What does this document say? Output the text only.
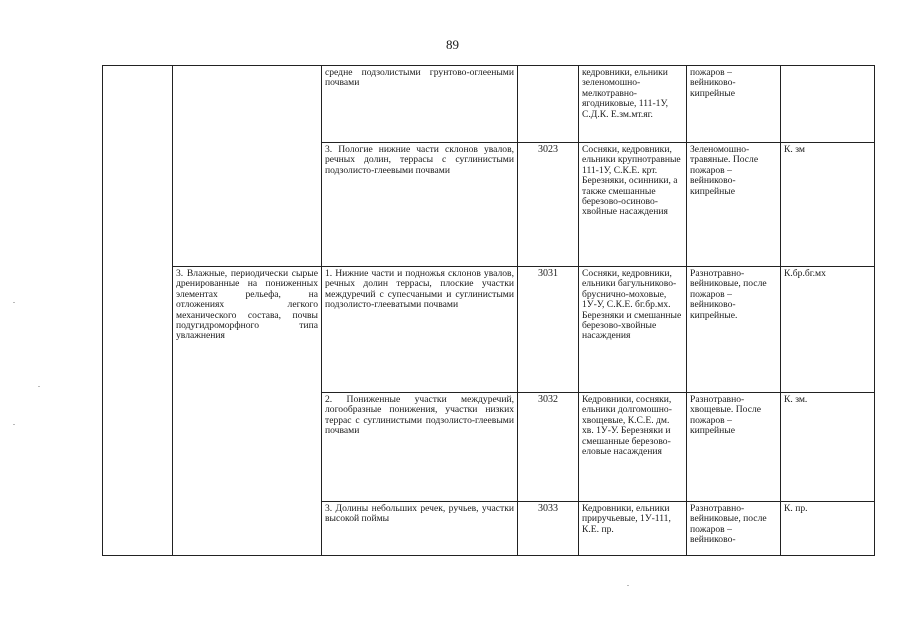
89
		средне подзолистыми грунтово-оглееными почвами		кедровники, ельники зеленомошно-мелкотравно-ягодниковые, 111-1У, С.Д.К. Е.зм.мт.яг.	пожаров – вейниково-кипрейные	
		3. Пологие нижние части склонов увалов, речных долин, террасы с суглинистыми подзолисто-глеевыми почвами	3023	Сосняки, кедровники, ельники крупнотравные 111-1У, С.К.Е. крт. Березняки, осинники, а также смешанные березово-осиново-хвойные насаждения	Зеленомошно-травяные. После пожаров – вейниково-кипрейные	К. зм
	3. Влажные, периодически сырые дренированные на пониженных элементах рельефа, на отложениях легкого механического состава, почвы подугидроморфного типа увлажнения	1. Нижние части и подножья склонов увалов, речных долин террасы, плоские участки междуречий с супесчаными и суглинистыми подзолисто-глееватыми почвами	3031	Сосняки, кедровники, ельники багульниково-бруснично-моховые, 1У-У, С.К.Е. бг.бр.мх. Березняки и смешанные березово-хвойные насаждения	Разнотравно-вейниковые, после пожаров – вейниково-кипрейные.	К.бр.бг.мх
		2. Пониженные участки междуречий, логообразные понижения, участки низких террас с суглинистыми подзолисто-глеевыми почвами	3032	Кедровники, сосняки, ельники долгомошно-хвощевые, К.С.Е. дм. хв. 1У-У. Березняки и смешанные березово- еловые насаждения	Разнотравно-хвощевые. После пожаров – кипрейные	К. зм.
		3. Долины небольших речек, ручьев, участки высокой поймы	3033	Кедровники, ельники приручьевые, 1У-111, К.Е. пр.	Разнотравно-вейниковые, после пожаров – вейниково-	К. пр.
